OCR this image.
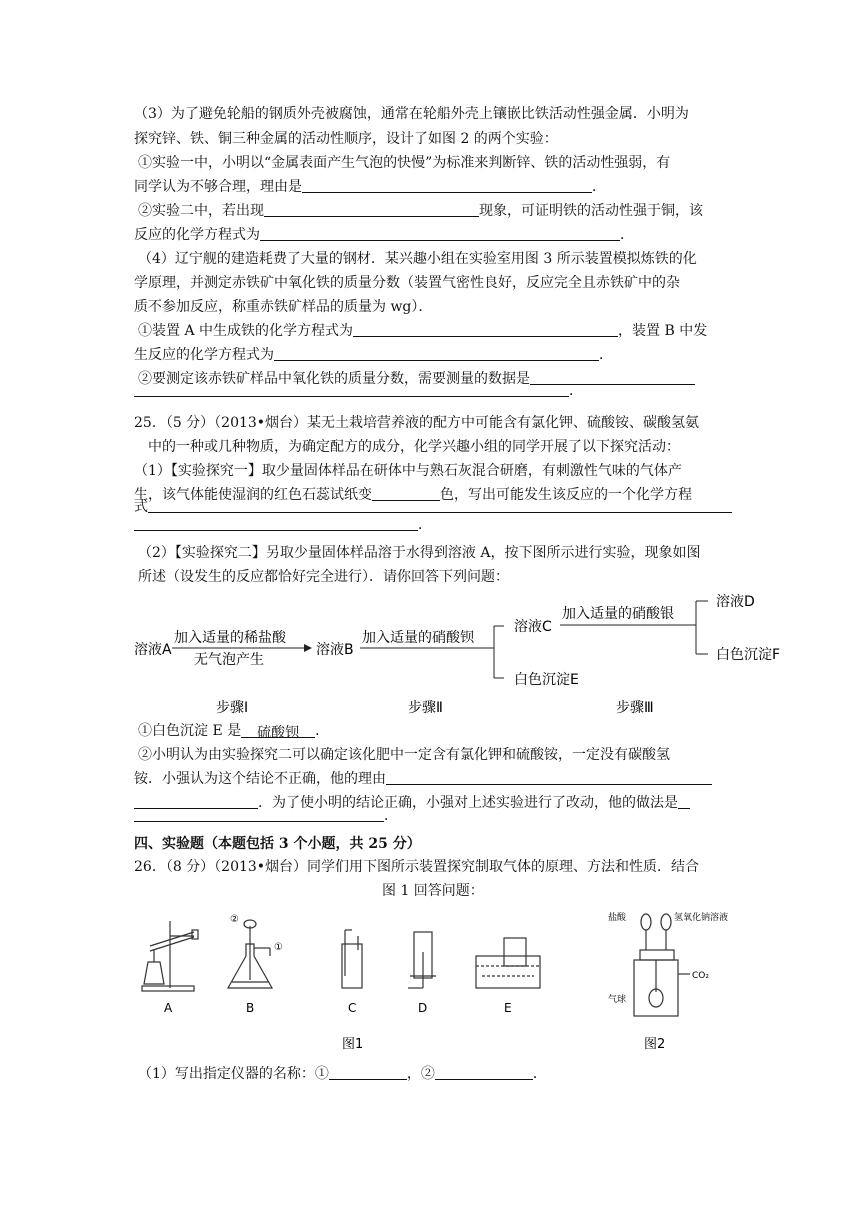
（3）为了避免轮船的钢质外壳被腐蚀，通常在轮船外壳上镶嵌比铁活动性强金属．小明为
探究锌、铁、铜三种金属的活动性顺序，设计了如图 2 的两个实验：
①实验一中，小明以“金属表面产生气泡的快慢”为标准来判断锌、铁的活动性强弱，有
同学认为不够合理，理由是	．
②实验二中，若出现	现象，可证明铁的活动性强于铜，该
反应的化学方程式为	．
（4）辽宁舰的建造耗费了大量的钢材．某兴趣小组在实验室用图 3 所示装置模拟炼铁的化
学原理，并测定赤铁矿中氧化铁的质量分数（装置气密性良好，反应完全且赤铁矿中的杂
质不参加反应，称重赤铁矿样品的质量为 wg）．
①装置 A 中生成铁的化学方程式为	，装置 B 中发
生反应的化学方程式为	．
②要测定该赤铁矿样品中氧化铁的质量分数，需要测量的数据是
．
25．（5 分）（2013•烟台）某无土栽培营养液的配方中可能含有氯化钾、硫酸铵、碳酸氢氨
中的一种或几种物质，为确定配方的成分，化学兴趣小组的同学开展了以下探究活动：
（1）【实验探究一】取少量固体样品在研体中与熟石灰混合研磨，有刺激性气味的气体产
生，该气体能使湿润的红色石蕊试纸变	色，写出可能发生该反应的一个化学方程
式
．
（2）【实验探究二】另取少量固体样品溶于水得到溶液 A，按下图所示进行实验，现象如图
所述（设发生的反应都恰好完全进行）．请你回答下列问题：
溶液A
加入适量的稀盐酸
无气泡产生
溶液B
加入适量的硝酸钡
溶液C
白色沉淀E
加入适量的硝酸银
溶液D
白色沉淀F
步骤Ⅰ	步骤Ⅱ	步骤Ⅲ
①白色沉淀 E 是 硫酸钡 ．
②小明认为由实验探究二可以确定该化肥中一定含有氯化钾和硫酸铵，一定没有碳酸氢
铵．小强认为这个结论不正确，他的理由
．为了使小明的结论正确，小强对上述实验进行了改动，他的做法是
．
四、实验题（本题包括 3 个小题，共 25 分）
26．（8 分）（2013•烟台）同学们用下图所示装置探究制取气体的原理、方法和性质．结合
图 1 回答问题：
②
①
A	B	C	D	E
盐酸	氢氧化钠溶液
CO₂
气球
图1	图2
（1）写出指定仪器的名称：①	，②	．
